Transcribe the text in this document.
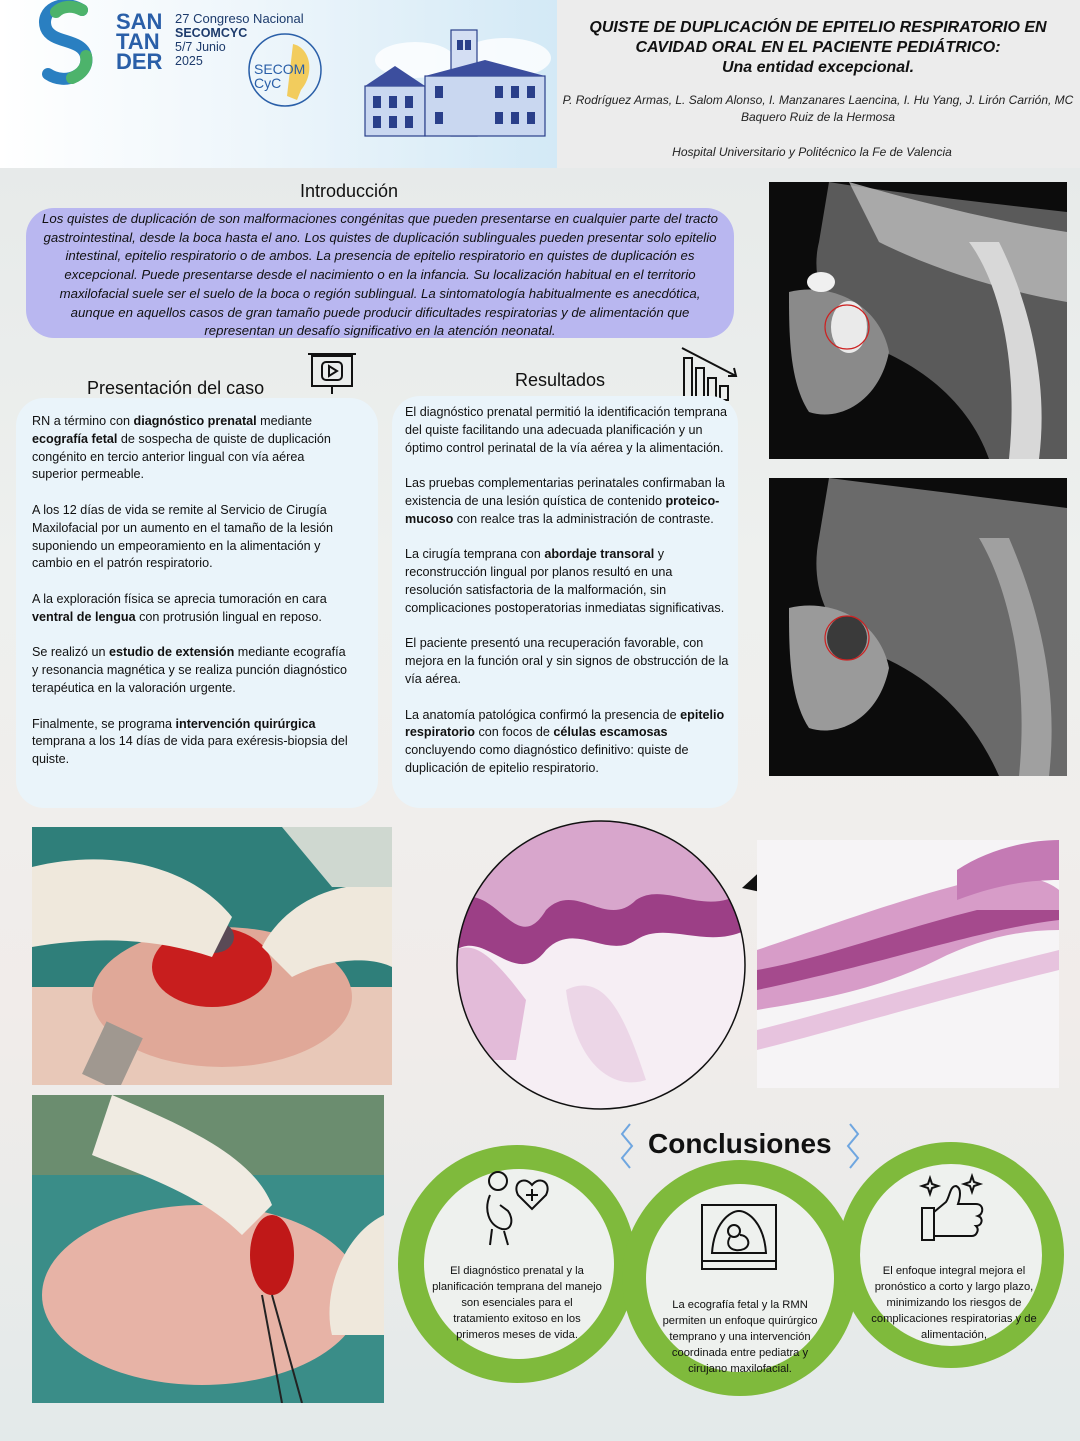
SAN
TAN
DER
27 Congreso Nacional
SECOMCYC
5/7 Junio
2025	SECOM
CyC
QUISTE DE DUPLICACIÓN DE EPITELIO RESPIRATORIO EN
CAVIDAD ORAL EN EL PACIENTE PEDIÁTRICO:
Una entidad excepcional.
P. Rodríguez Armas, L. Salom Alonso, I. Manzanares Laencina, I. Hu Yang, J. Lirón Carrión, MC Baquero Ruiz de la Hermosa
Hospital Universitario y Politécnico la Fe de Valencia
Introducción
Los quistes de duplicación de son malformaciones congénitas que pueden presentarse en cualquier parte del tracto gastrointestinal, desde la boca hasta el ano. Los quistes de duplicación sublinguales pueden presentar solo epitelio intestinal, epitelio respiratorio o de ambos. La presencia de epitelio respiratorio en quistes de duplicación es excepcional. Puede presentarse desde el nacimiento o en la infancia. Su localización habitual en el territorio maxilofacial suele ser el suelo de la boca o región sublingual. La sintomatología habitualmente es anecdótica, aunque en aquellos casos de gran tamaño puede producir dificultades respiratorias y de alimentación que representan un desafío significativo en la atención neonatal.
Presentación del caso

RN a término con diagnóstico prenatal mediante ecografía fetal de sospecha de quiste de duplicación congénito en tercio anterior lingual con vía aérea superior permeable.

A los 12 días de vida se remite al Servicio de Cirugía Maxilofacial por un aumento en el tamaño de la lesión suponiendo un empeoramiento en la alimentación y cambio en el patrón respiratorio.

A la exploración física se aprecia tumoración en cara ventral de lengua con protrusión lingual en reposo.

Se realizó un estudio de extensión mediante ecografía y resonancia magnética y se realiza punción diagnóstico terapéutica en la valoración urgente.

Finalmente, se programa intervención quirúrgica temprana a los 14 días de vida para exéresis-biopsia del quiste.

Resultados

El diagnóstico prenatal permitió la identificación temprana del quiste facilitando una adecuada planificación y un óptimo control perinatal de la vía aérea y la alimentación.

Las pruebas complementarias perinatales confirmaban la existencia de una lesión quística de contenido proteico-mucoso con realce tras la administración de contraste.

La cirugía temprana con abordaje transoral y reconstrucción lingual por planos resultó en una resolución satisfactoria de la malformación, sin complicaciones postoperatorias inmediatas significativas.

El paciente presentó una recuperación favorable, con mejora en la función oral y sin signos de obstrucción de la vía aérea.

La anatomía patológica confirmó la presencia de epitelio respiratorio con focos de células escamosas concluyendo como diagnóstico definitivo: quiste de duplicación de epitelio respiratorio.

Conclusiones
El diagnóstico prenatal y la planificación temprana del manejo son esenciales para el tratamiento exitoso en los primeros meses de vida.
La ecografía fetal y la RMN permiten un enfoque quirúrgico temprano y una intervención coordinada entre pediatra y cirujano maxilofacial.
El enfoque integral mejora el pronóstico a corto y largo plazo, minimizando los riesgos de complicaciones respiratorias y de alimentación,
